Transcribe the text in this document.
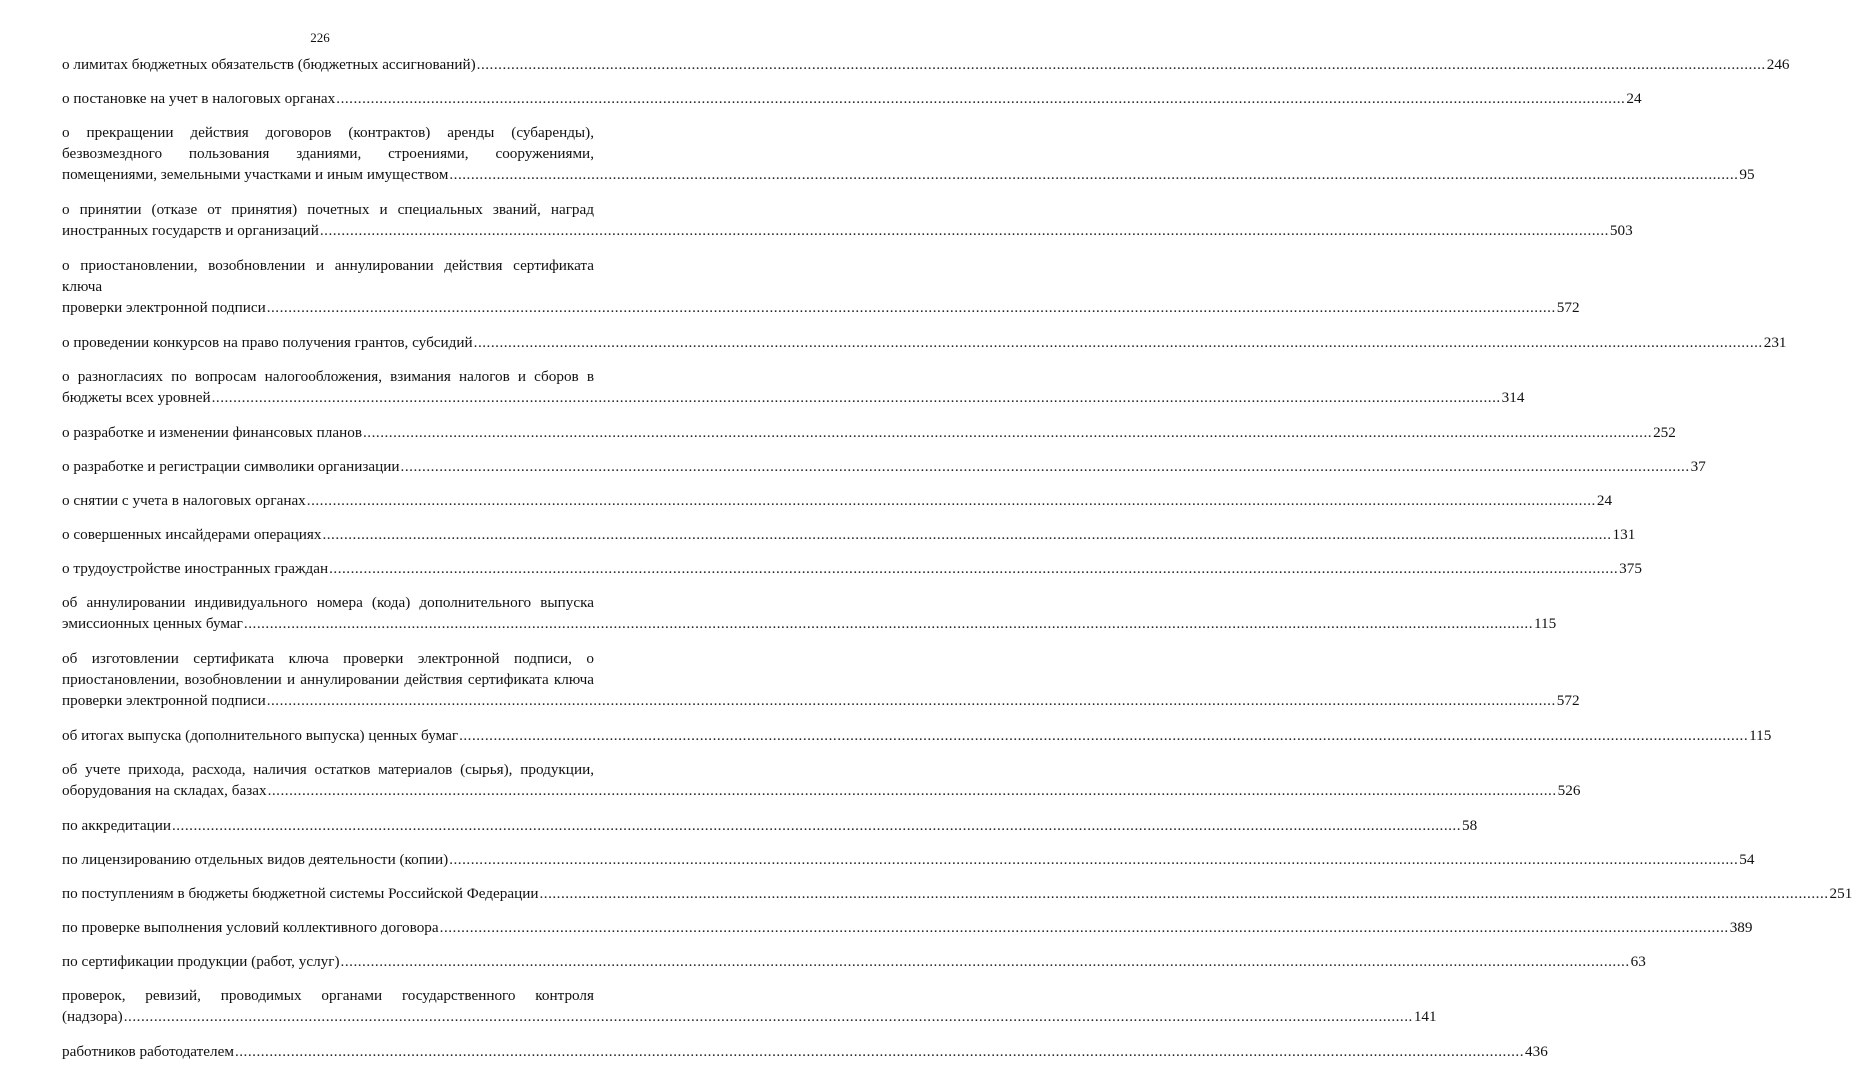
226
о лимитах бюджетных обязательств (бюджетных ассигнований) ............................................................................................................................................................................................................................................................................................................ 246
о постановке на учет в налоговых органах ............................................................................................................................................................................................................................................................................................................ 24
о прекращении действия договоров (контрактов) аренды (субаренды),
безвозмездного пользования зданиями, строениями, сооружениями,
помещениями, земельными участками и иным имуществом ............................................................................................................................................................................................................................................................................................................ 95
о принятии (отказе от принятия) почетных и специальных званий, наград
иностранных государств и организаций ............................................................................................................................................................................................................................................................................................................ 503
о приостановлении, возобновлении и аннулировании действия сертификата ключа
проверки электронной подписи ............................................................................................................................................................................................................................................................................................................ 572
о проведении конкурсов на право получения грантов, субсидий ............................................................................................................................................................................................................................................................................................................ 231
о разногласиях по вопросам налогообложения, взимания налогов и сборов в
бюджеты всех уровней ............................................................................................................................................................................................................................................................................................................ 314
о разработке и изменении финансовых планов ............................................................................................................................................................................................................................................................................................................ 252
о разработке и регистрации символики организации ............................................................................................................................................................................................................................................................................................................ 37
о снятии с учета в налоговых органах ............................................................................................................................................................................................................................................................................................................ 24
о совершенных инсайдерами операциях ............................................................................................................................................................................................................................................................................................................ 131
о трудоустройстве иностранных граждан ............................................................................................................................................................................................................................................................................................................ 375
об аннулировании индивидуального номера (кода) дополнительного выпуска
эмиссионных ценных бумаг ............................................................................................................................................................................................................................................................................................................ 115
об изготовлении сертификата ключа проверки электронной подписи, о
приостановлении, возобновлении и аннулировании действия сертификата ключа
проверки электронной подписи ............................................................................................................................................................................................................................................................................................................ 572
об итогах выпуска (дополнительного выпуска) ценных бумаг ............................................................................................................................................................................................................................................................................................................ 115
об учете прихода, расхода, наличия остатков материалов (сырья), продукции,
оборудования на складах, базах ............................................................................................................................................................................................................................................................................................................ 526
по аккредитации ............................................................................................................................................................................................................................................................................................................ 58
по лицензированию отдельных видов деятельности (копии) ............................................................................................................................................................................................................................................................................................................ 54
по поступлениям в бюджеты бюджетной системы Российской Федерации ............................................................................................................................................................................................................................................................................................................ 251
по проверке выполнения условий коллективного договора ............................................................................................................................................................................................................................................................................................................ 389
по сертификации продукции (работ, услуг) ............................................................................................................................................................................................................................................................................................................ 63
проверок, ревизий, проводимых органами государственного контроля
(надзора) ............................................................................................................................................................................................................................................................................................................ 141
работников работодателем ............................................................................................................................................................................................................................................................................................................ 436
